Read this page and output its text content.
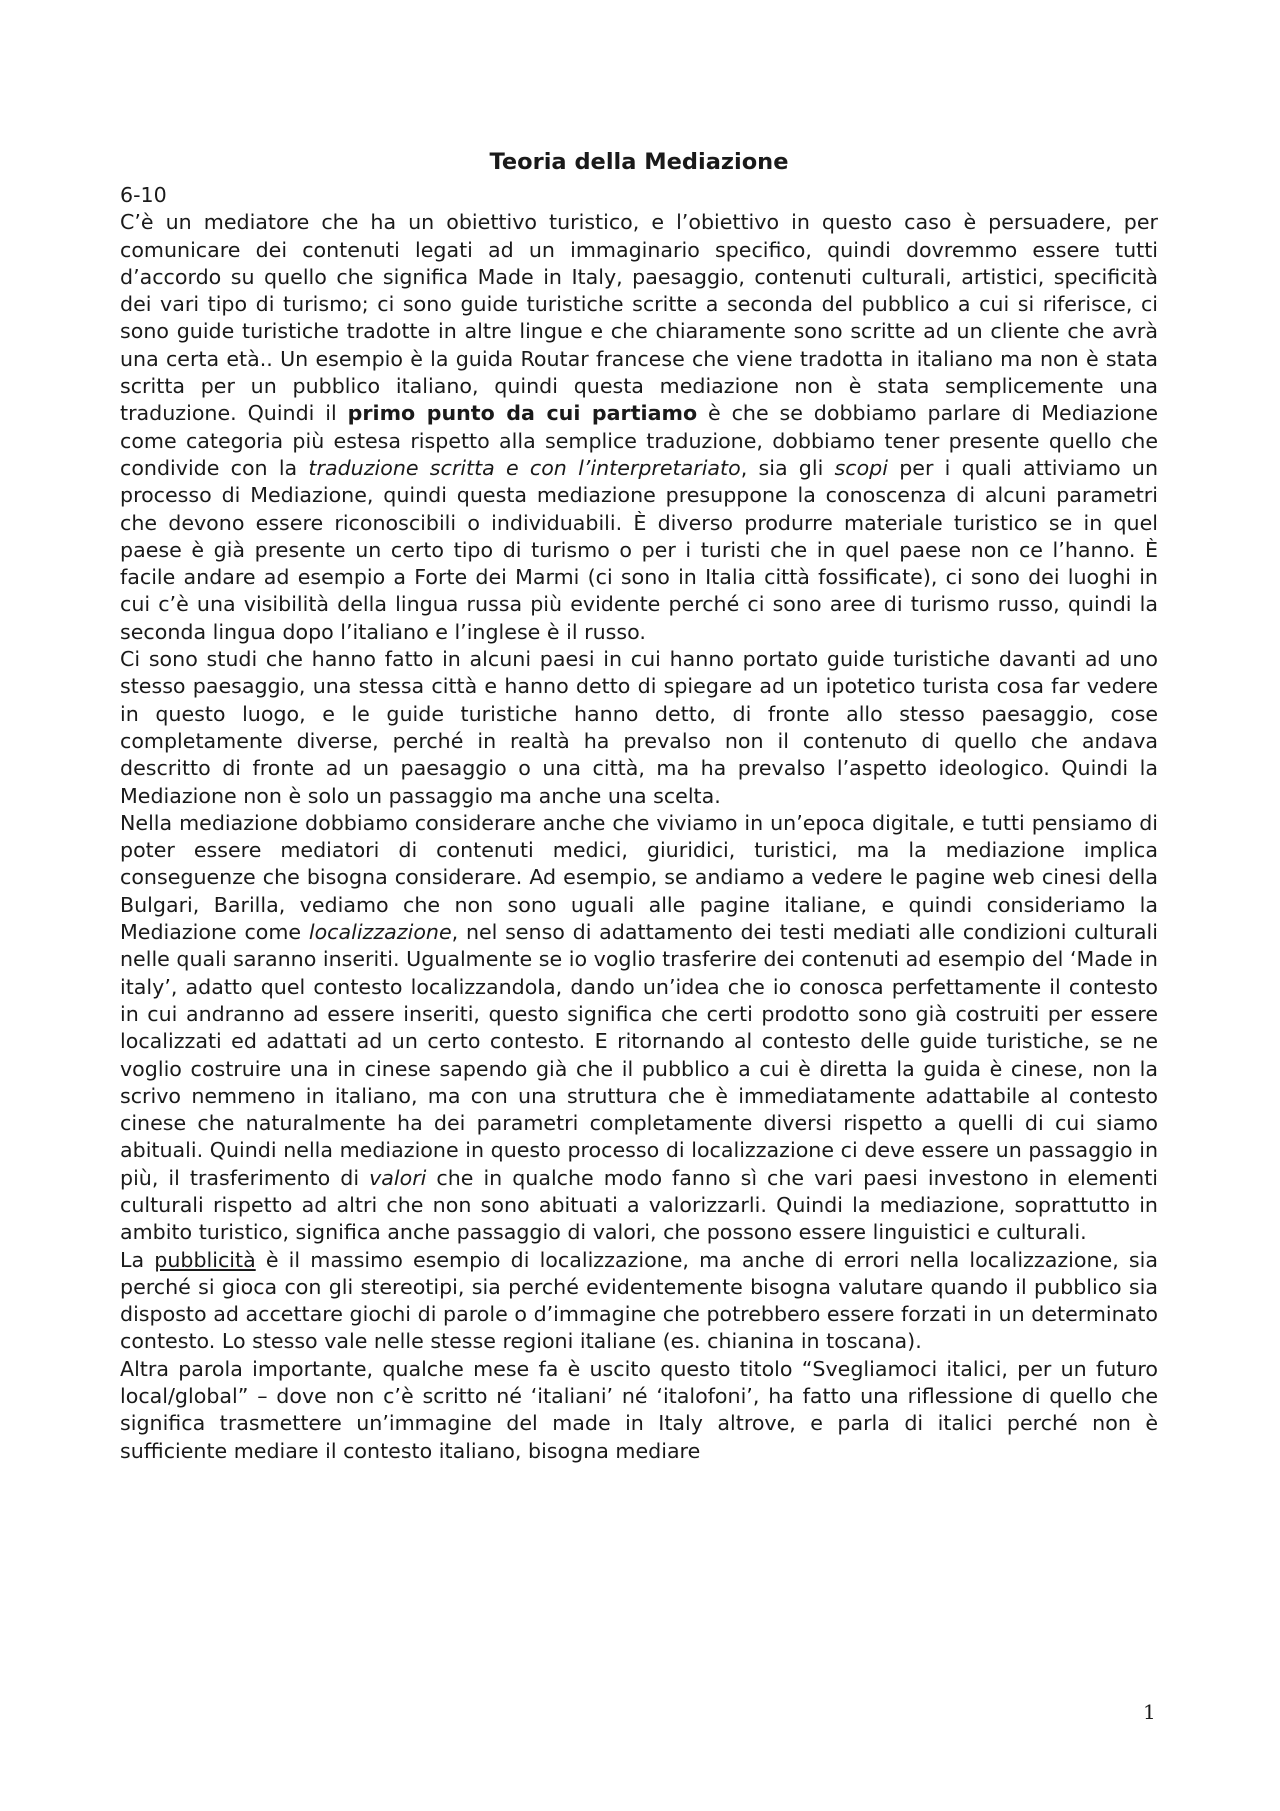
Teoria della Mediazione

6-10

C’è un mediatore che ha un obiettivo turistico, e l’obiettivo in questo caso è persuadere, per comunicare dei contenuti legati ad un immaginario specifico, quindi dovremmo essere tutti d’accordo su quello che significa Made in Italy, paesaggio, contenuti culturali, artistici, specificità dei vari tipo di turismo; ci sono guide turistiche scritte a seconda del pubblico a cui si riferisce, ci sono guide turistiche tradotte in altre lingue e che chiaramente sono scritte ad un cliente che avrà una certa età.. Un esempio è la guida Routar francese che viene tradotta in italiano ma non è stata scritta per un pubblico italiano, quindi questa mediazione non è stata semplicemente una traduzione. Quindi il primo punto da cui partiamo è che se dobbiamo parlare di Mediazione come categoria più estesa rispetto alla semplice traduzione, dobbiamo tener presente quello che condivide con la traduzione scritta e con l’interpretariato, sia gli scopi per i quali attiviamo un processo di Mediazione, quindi questa mediazione presuppone la conoscenza di alcuni parametri che devono essere riconoscibili o individuabili. È diverso produrre materiale turistico se in quel paese è già presente un certo tipo di turismo o per i turisti che in quel paese non ce l’hanno. È facile andare ad esempio a Forte dei Marmi (ci sono in Italia città fossificate), ci sono dei luoghi in cui c’è una visibilità della lingua russa più evidente perché ci sono aree di turismo russo, quindi la seconda lingua dopo l’italiano e l’inglese è il russo.

Ci sono studi che hanno fatto in alcuni paesi in cui hanno portato guide turistiche davanti ad uno stesso paesaggio, una stessa città e hanno detto di spiegare ad un ipotetico turista cosa far vedere in questo luogo, e le guide turistiche hanno detto, di fronte allo stesso paesaggio, cose completamente diverse, perché in realtà ha prevalso non il contenuto di quello che andava descritto di fronte ad un paesaggio o una città, ma ha prevalso l’aspetto ideologico. Quindi la Mediazione non è solo un passaggio ma anche una scelta.

Nella mediazione dobbiamo considerare anche che viviamo in un’epoca digitale, e tutti pensiamo di poter essere mediatori di contenuti medici, giuridici, turistici, ma la mediazione implica conseguenze che bisogna considerare. Ad esempio, se andiamo a vedere le pagine web cinesi della Bulgari, Barilla, vediamo che non sono uguali alle pagine italiane, e quindi consideriamo la Mediazione come localizzazione, nel senso di adattamento dei testi mediati alle condizioni culturali nelle quali saranno inseriti. Ugualmente se io voglio trasferire dei contenuti ad esempio del ‘Made in italy’, adatto quel contesto localizzandola, dando un’idea che io conosca perfettamente il contesto in cui andranno ad essere inseriti, questo significa che certi prodotto sono già costruiti per essere localizzati ed adattati ad un certo contesto. E ritornando al contesto delle guide turistiche, se ne voglio costruire una in cinese sapendo già che il pubblico a cui è diretta la guida è cinese, non la scrivo nemmeno in italiano, ma con una struttura che è immediatamente adattabile al contesto cinese che naturalmente ha dei parametri completamente diversi rispetto a quelli di cui siamo abituali. Quindi nella mediazione in questo processo di localizzazione ci deve essere un passaggio in più, il trasferimento di valori che in qualche modo fanno sì che vari paesi investono in elementi culturali rispetto ad altri che non sono abituati a valorizzarli. Quindi la mediazione, soprattutto in ambito turistico, significa anche passaggio di valori, che possono essere linguistici e culturali.

La pubblicità è il massimo esempio di localizzazione, ma anche di errori nella localizzazione, sia perché si gioca con gli stereotipi, sia perché evidentemente bisogna valutare quando il pubblico sia disposto ad accettare giochi di parole o d’immagine che potrebbero essere forzati in un determinato contesto. Lo stesso vale nelle stesse regioni italiane (es. chianina in toscana).

Altra parola importante, qualche mese fa è uscito questo titolo “Svegliamoci italici, per un futuro local/global” – dove non c’è scritto né ‘italiani’ né ‘italofoni’, ha fatto una riflessione di quello che significa trasmettere un’immagine del made in Italy altrove, e parla di italici perché non è sufficiente mediare il contesto italiano, bisogna mediare

1
